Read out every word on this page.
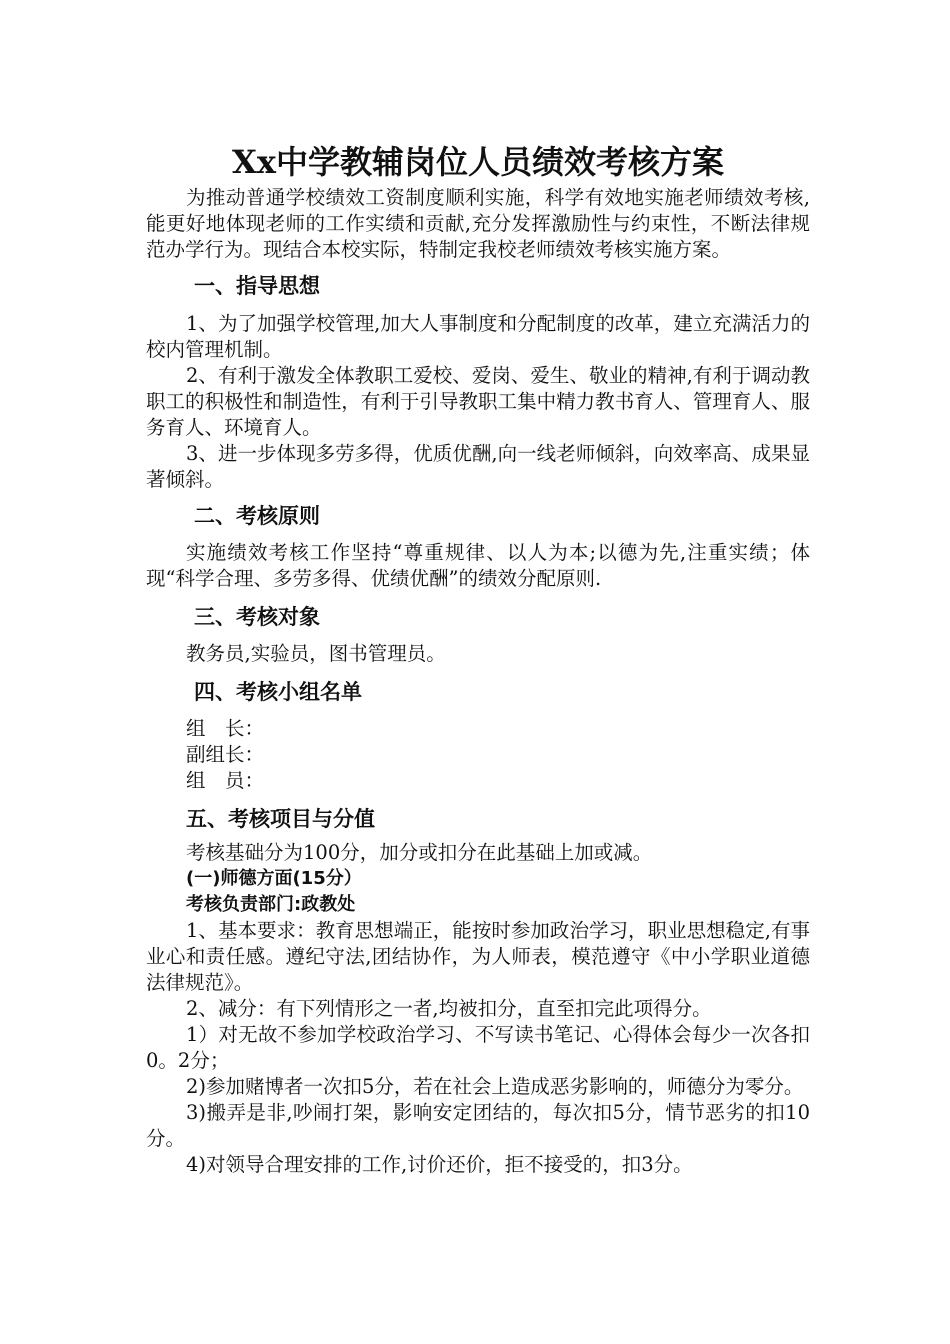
Xx中学教辅岗位人员绩效考核方案

为推动普通学校绩效工资制度顺利实施，科学有效地实施老师绩效考核,能更好地体现老师的工作实绩和贡献,充分发挥激励性与约束性，不断法律规范办学行为。现结合本校实际，特制定我校老师绩效考核实施方案。

一、指导思想

1、为了加强学校管理,加大人事制度和分配制度的改革，建立充满活力的校内管理机制。

2、有利于激发全体教职工爱校、爱岗、爱生、敬业的精神,有利于调动教职工的积极性和制造性，有利于引导教职工集中精力教书育人、管理育人、服务育人、环境育人。

3、进一步体现多劳多得，优质优酬,向一线老师倾斜，向效率高、成果显著倾斜。

二、考核原则

实施绩效考核工作坚持“尊重规律、以人为本;以德为先,注重实绩；体现“科学合理、多劳多得、优绩优酬”的绩效分配原则.

三、考核对象

教务员,实验员，图书管理员。

四、考核小组名单

组　长：

副组长：

组　员：

五、考核项目与分值

考核基础分为100分，加分或扣分在此基础上加或减。

(一)师德方面(15分）
考核负责部门:政教处

1、基本要求：教育思想端正，能按时参加政治学习，职业思想稳定,有事业心和责任感。遵纪守法,团结协作，为人师表，模范遵守《中小学职业道德法律规范》。

2、减分：有下列情形之一者,均被扣分，直至扣完此项得分。

1）对无故不参加学校政治学习、不写读书笔记、心得体会每少一次各扣0。2分；

2)参加赌博者一次扣5分，若在社会上造成恶劣影响的，师德分为零分。

3)搬弄是非,吵闹打架，影响安定团结的，每次扣5分，情节恶劣的扣10分。

4)对领导合理安排的工作,讨价还价，拒不接受的，扣3分。
